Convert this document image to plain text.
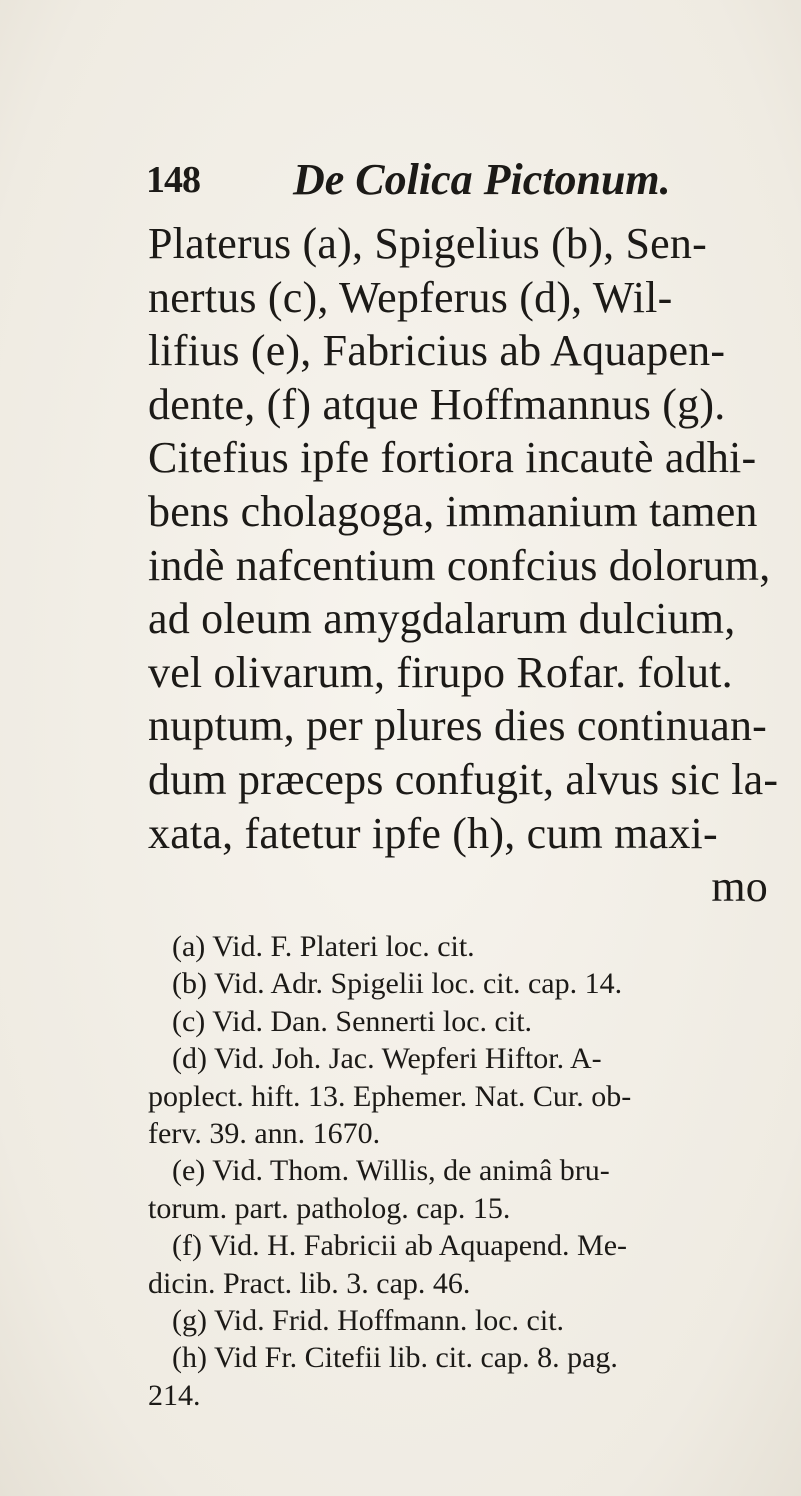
148 De Colica Pictonum.
Platerus (a), Spigelius (b), Sen-
nertus (c), Wepferus (d), Wil-
lifius (e), Fabricius ab Aquapen-
dente, (f) atque Hoffmannus (g).
Citefius ipfe fortiora incautè adhi-
bens cholagoga, immanium tamen
indè nafcentium confcius dolorum,
ad oleum amygdalarum dulcium,
vel olivarum, firupo Rofar. folut.
nuptum, per plures dies continuan-
dum præceps confugit, alvus sic la-
xata, fatetur ipfe (h), cum maxi-
mo
(a) Vid. F. Plateri loc. cit.
(b) Vid. Adr. Spigelii loc. cit. cap. 14.
(c) Vid. Dan. Sennerti loc. cit.
(d) Vid. Joh. Jac. Wepferi Hiftor. A-
poplect. hift. 13. Ephemer. Nat. Cur. ob-
ferv. 39. ann. 1670.
(e) Vid. Thom. Willis, de animâ bru-
torum. part. patholog. cap. 15.
(f) Vid. H. Fabricii ab Aquapend. Me-
dicin. Pract. lib. 3. cap. 46.
(g) Vid. Frid. Hoffmann. loc. cit.
(h) Vid Fr. Citefii lib. cit. cap. 8. pag.
214.
